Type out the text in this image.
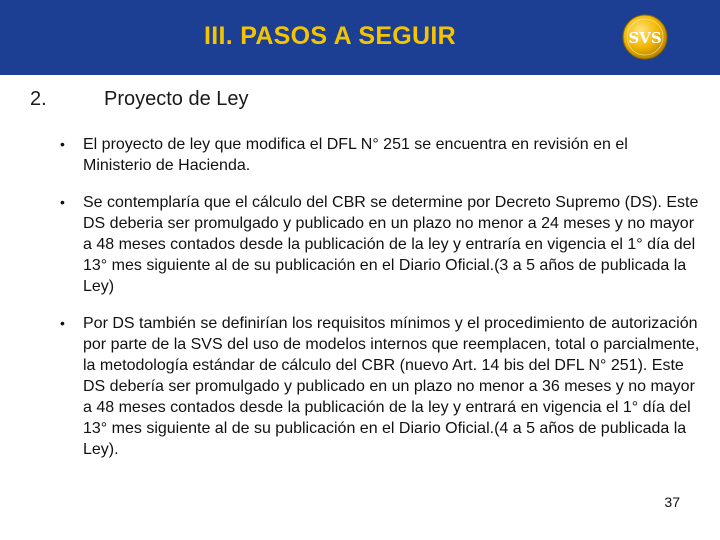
III. PASOS A SEGUIR	SVS
2.	Proyecto de Ley
• El proyecto de ley que modifica el DFL N° 251 se encuentra en revisión en el Ministerio de Hacienda.
• Se contemplaría que el cálculo del CBR se determine por Decreto Supremo (DS). Este DS deberia ser promulgado y publicado en un plazo no menor a 24 meses y no mayor a 48 meses contados desde la publicación de la ley y entraría en vigencia el 1° día del 13° mes siguiente al de su publicación en el Diario Oficial.(3 a 5 años de publicada la Ley)
• Por DS también se definirían los requisitos mínimos y el procedimiento de autorización por parte de la SVS del uso de modelos internos que reemplacen, total o parcialmente, la metodología estándar de cálculo del CBR (nuevo Art. 14 bis del DFL N° 251). Este DS debería ser promulgado y publicado en un plazo no menor a 36 meses y no mayor a 48 meses contados desde la publicación de la ley y entrará en vigencia el 1° día del 13° mes siguiente al de su publicación en el Diario Oficial.(4 a 5 años de publicada la Ley).
37
